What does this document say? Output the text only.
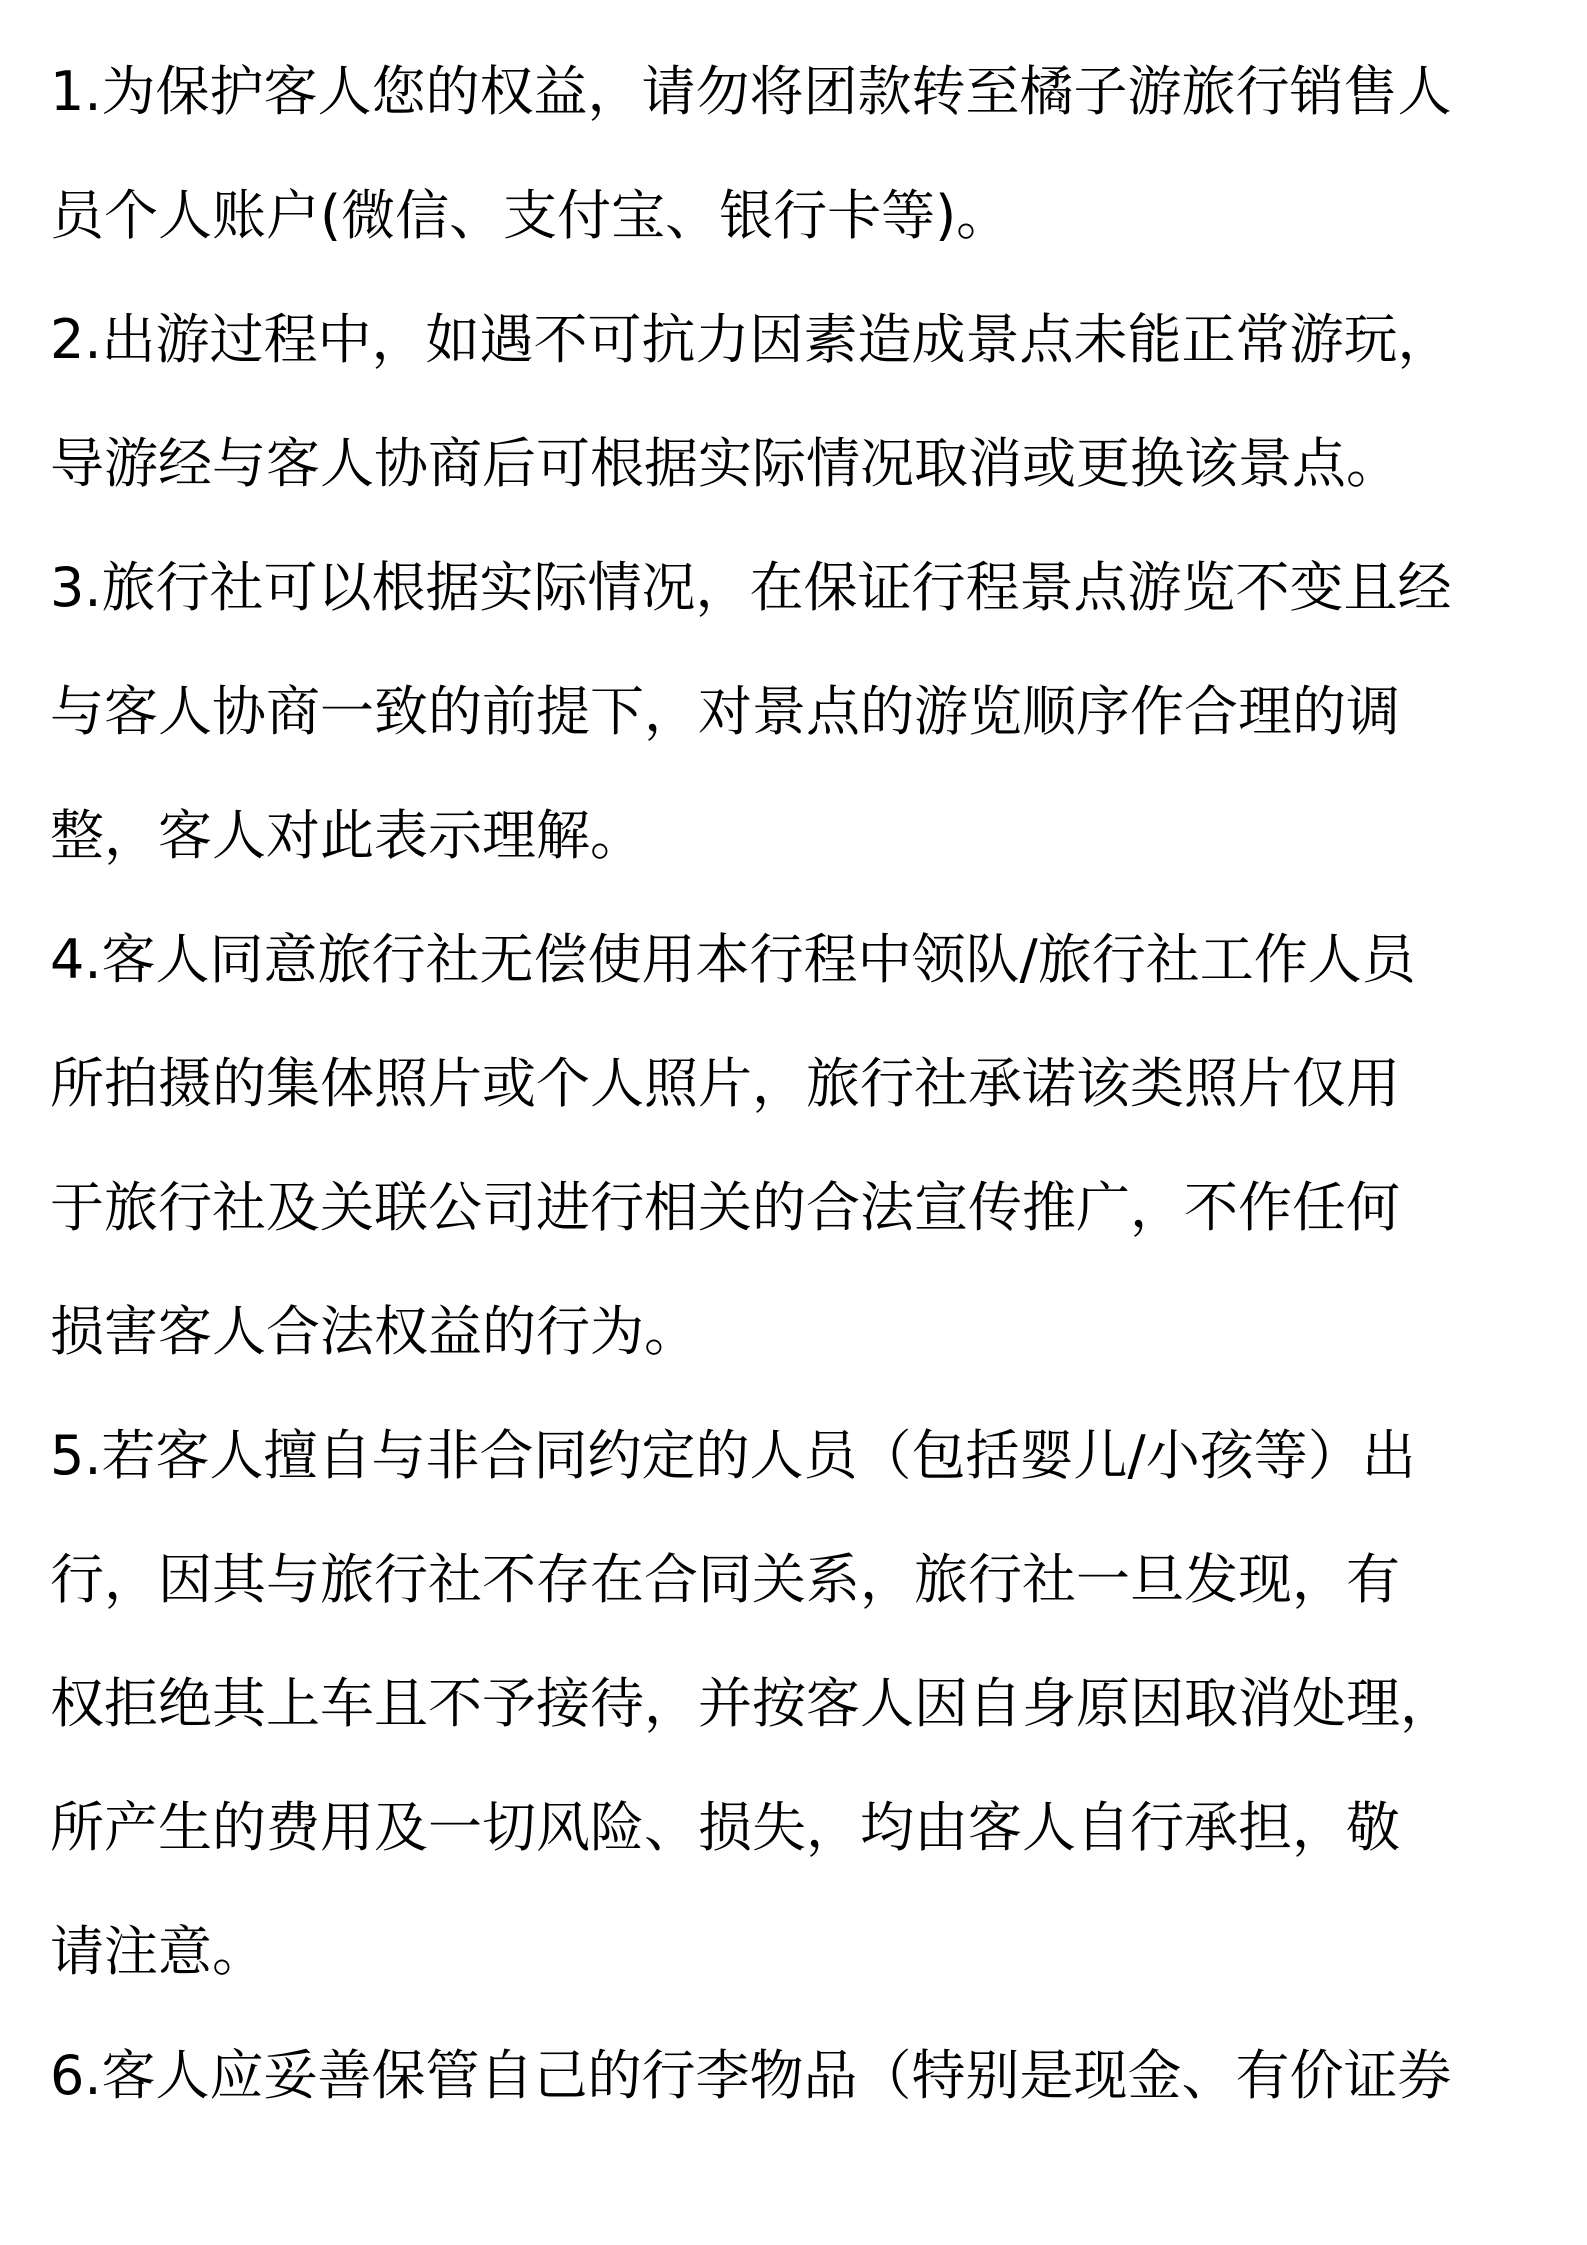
1.为保护客人您的权益，请勿将团款转至橘子游旅行销售人
员个人账户(微信、支付宝、银行卡等)。
2.出游过程中，如遇不可抗力因素造成景点未能正常游玩，
导游经与客人协商后可根据实际情况取消或更换该景点。
3.旅行社可以根据实际情况，在保证行程景点游览不变且经
与客人协商一致的前提下，对景点的游览顺序作合理的调
整，客人对此表示理解。
4.客人同意旅行社无偿使用本行程中领队/旅行社工作人员
所拍摄的集体照片或个人照片，旅行社承诺该类照片仅用
于旅行社及关联公司进行相关的合法宣传推广，不作任何
损害客人合法权益的行为。
5.若客人擅自与非合同约定的人员（包括婴儿/小孩等）出
行，因其与旅行社不存在合同关系，旅行社一旦发现，有
权拒绝其上车且不予接待，并按客人因自身原因取消处理，
所产生的费用及一切风险、损失，均由客人自行承担，敬
请注意。
6.客人应妥善保管自己的行李物品（特别是现金、有价证券
